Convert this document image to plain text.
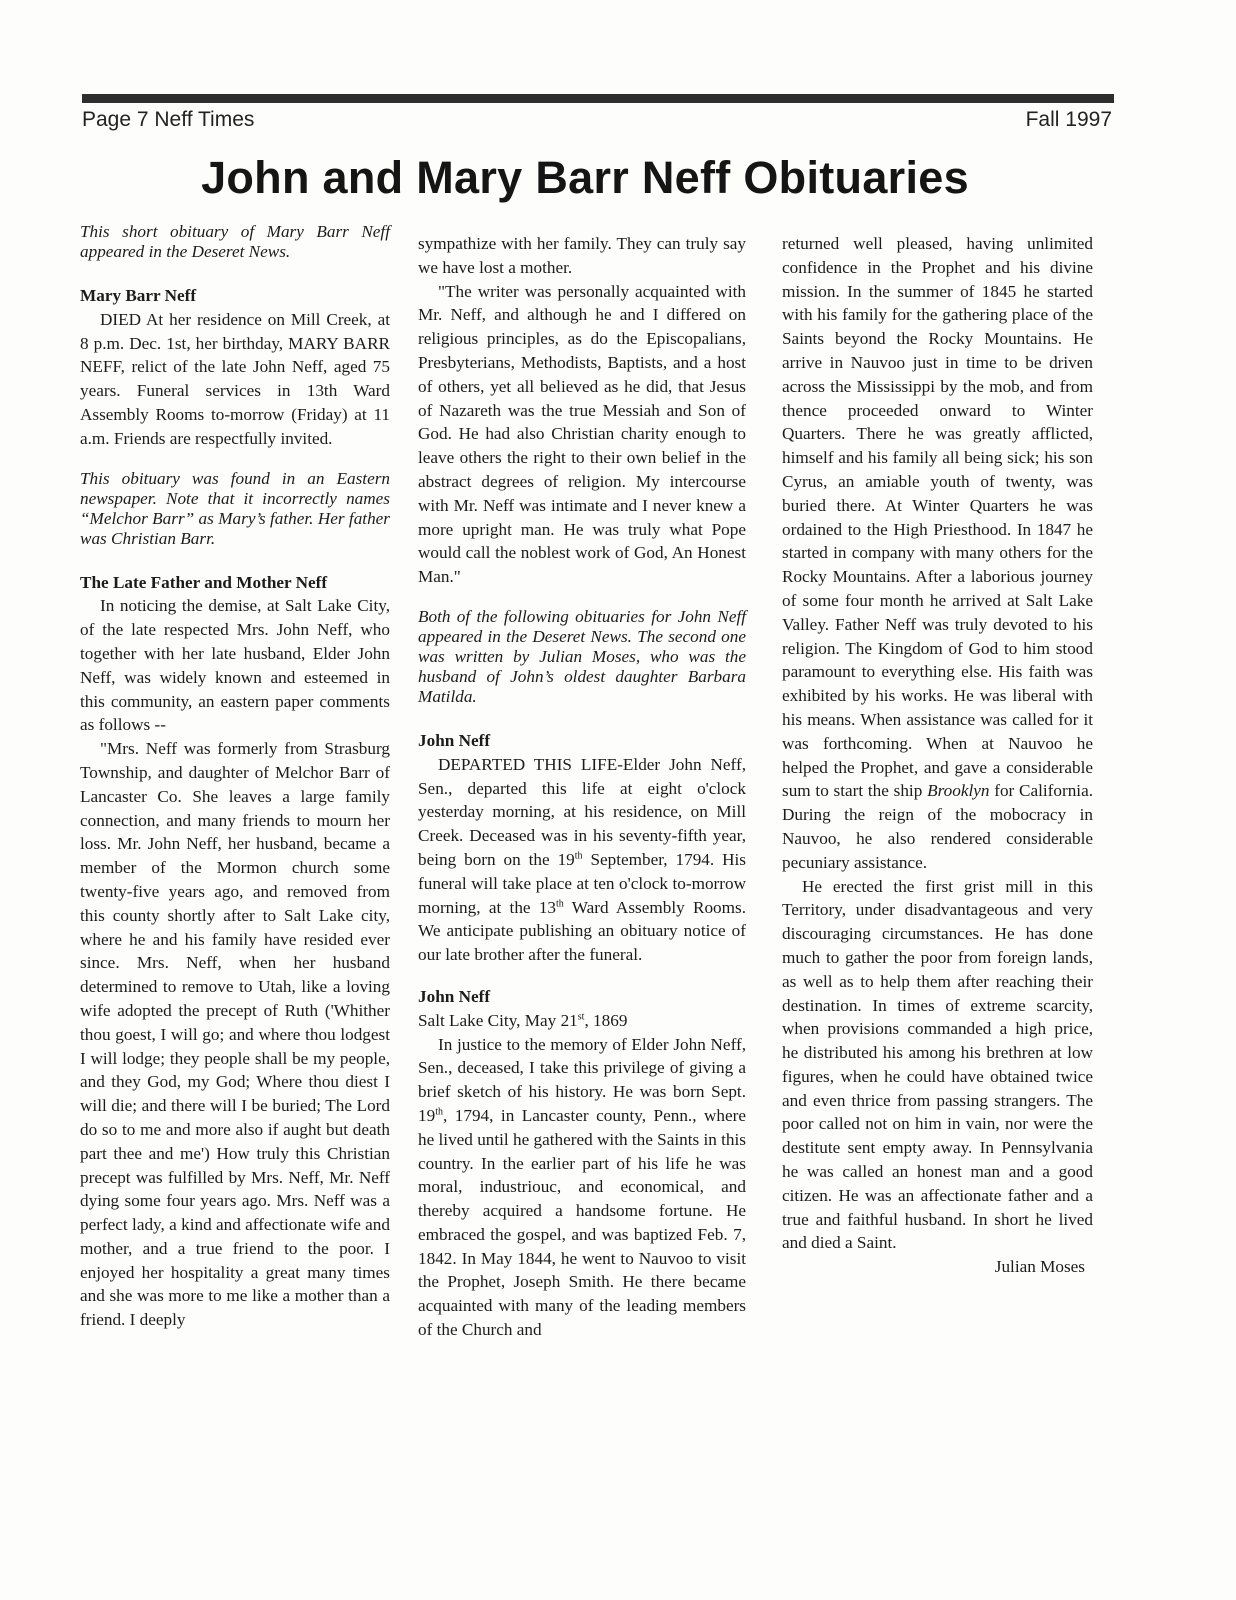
Page 7 Neff Times	Fall 1997
John and Mary Barr Neff Obituaries

This short obituary of Mary Barr Neff appeared in the Deseret News.

Mary Barr Neff

DIED At her residence on Mill Creek, at 8 p.m. Dec. 1st, her birthday, MARY BARR NEFF, relict of the late John Neff, aged 75 years. Funeral services in 13th Ward Assembly Rooms to-morrow (Friday) at 11 a.m. Friends are respectfully invited.

This obituary was found in an Eastern newspaper. Note that it incorrectly names “Melchor Barr” as Mary’s father. Her father was Christian Barr.

The Late Father and Mother Neff

In noticing the demise, at Salt Lake City, of the late respected Mrs. John Neff, who together with her late husband, Elder John Neff, was widely known and esteemed in this community, an eastern paper comments as follows --

"Mrs. Neff was formerly from Strasburg Township, and daughter of Melchor Barr of Lancaster Co. She leaves a large family connection, and many friends to mourn her loss. Mr. John Neff, her husband, became a member of the Mormon church some twenty-five years ago, and removed from this county shortly after to Salt Lake city, where he and his family have resided ever since. Mrs. Neff, when her husband determined to remove to Utah, like a loving wife adopted the precept of Ruth ('Whither thou goest, I will go; and where thou lodgest I will lodge; they people shall be my people, and they God, my God; Where thou diest I will die; and there will I be buried; The Lord do so to me and more also if aught but death part thee and me') How truly this Christian precept was fulfilled by Mrs. Neff, Mr. Neff dying some four years ago. Mrs. Neff was a perfect lady, a kind and affectionate wife and mother, and a true friend to the poor. I enjoyed her hospitality a great many times and she was more to me like a mother than a friend. I deeply

sympathize with her family. They can truly say we have lost a mother.

"The writer was personally acquainted with Mr. Neff, and although he and I differed on religious principles, as do the Episcopalians, Presbyterians, Methodists, Baptists, and a host of others, yet all believed as he did, that Jesus of Nazareth was the true Messiah and Son of God. He had also Christian charity enough to leave others the right to their own belief in the abstract degrees of religion. My intercourse with Mr. Neff was intimate and I never knew a more upright man. He was truly what Pope would call the noblest work of God, An Honest Man."

Both of the following obituaries for John Neff appeared in the Deseret News. The second one was written by Julian Moses, who was the husband of John’s oldest daughter Barbara Matilda.

John Neff

DEPARTED THIS LIFE-Elder John Neff, Sen., departed this life at eight o'clock yesterday morning, at his residence, on Mill Creek. Deceased was in his seventy-fifth year, being born on the 19th September, 1794. His funeral will take place at ten o'clock to-morrow morning, at the 13th Ward Assembly Rooms. We anticipate publishing an obituary notice of our late brother after the funeral.

John Neff

Salt Lake City, May 21st, 1869

In justice to the memory of Elder John Neff, Sen., deceased, I take this privilege of giving a brief sketch of his history. He was born Sept. 19th, 1794, in Lancaster county, Penn., where he lived until he gathered with the Saints in this country. In the earlier part of his life he was moral, industriouc, and economical, and thereby acquired a handsome fortune. He embraced the gospel, and was baptized Feb. 7, 1842. In May 1844, he went to Nauvoo to visit the Prophet, Joseph Smith. He there became acquainted with many of the leading members of the Church and

returned well pleased, having unlimited confidence in the Prophet and his divine mission. In the summer of 1845 he started with his family for the gathering place of the Saints beyond the Rocky Mountains. He arrive in Nauvoo just in time to be driven across the Mississippi by the mob, and from thence proceeded onward to Winter Quarters. There he was greatly afflicted, himself and his family all being sick; his son Cyrus, an amiable youth of twenty, was buried there. At Winter Quarters he was ordained to the High Priesthood. In 1847 he started in company with many others for the Rocky Mountains. After a laborious journey of some four month he arrived at Salt Lake Valley. Father Neff was truly devoted to his religion. The Kingdom of God to him stood paramount to everything else. His faith was exhibited by his works. He was liberal with his means. When assistance was called for it was forthcoming. When at Nauvoo he helped the Prophet, and gave a considerable sum to start the ship Brooklyn for California. During the reign of the mobocracy in Nauvoo, he also rendered considerable pecuniary assistance.

He erected the first grist mill in this Territory, under disadvantageous and very discouraging circumstances. He has done much to gather the poor from foreign lands, as well as to help them after reaching their destination. In times of extreme scarcity, when provisions commanded a high price, he distributed his among his brethren at low figures, when he could have obtained twice and even thrice from passing strangers. The poor called not on him in vain, nor were the destitute sent empty away. In Pennsylvania he was called an honest man and a good citizen. He was an affectionate father and a true and faithful husband. In short he lived and died a Saint.

Julian Moses
